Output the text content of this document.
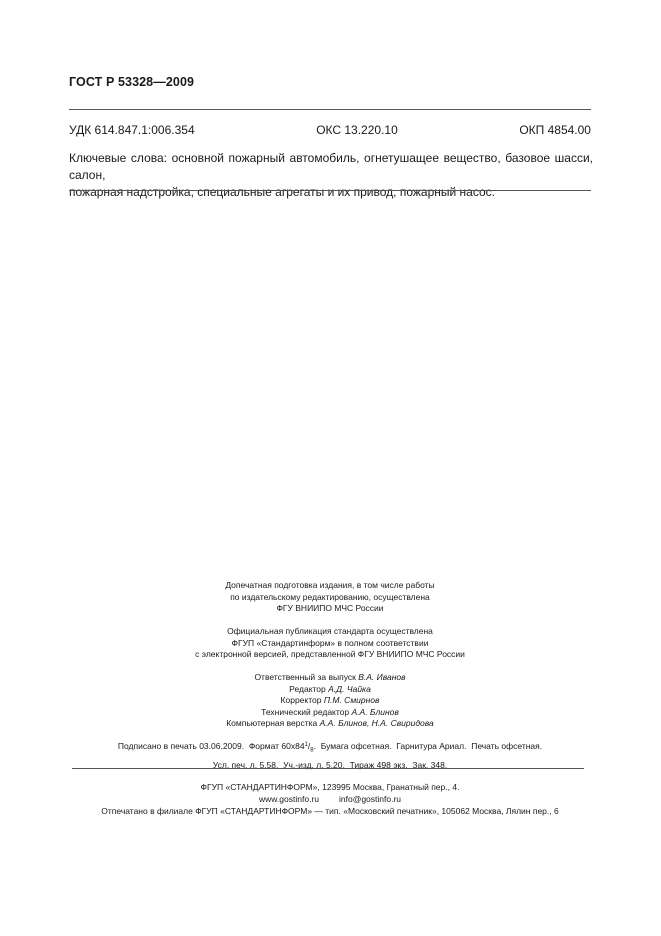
ГОСТ Р 53328—2009
УДК 614.847.1:006.354	ОКС 13.220.10	ОКП 4854.00
Ключевые слова: основной пожарный автомобиль, огнетушащее вещество, базовое шасси, салон,
пожарная надстройка, специальные агрегаты и их привод, пожарный насос.
Допечатная подготовка издания, в том числе работы
по издательскому редактированию, осуществлена
ФГУ ВНИИПО МЧС России
Официальная публикация стандарта осуществлена
ФГУП «Стандартинформ» в полном соответствии
с электронной версией, представленной ФГУ ВНИИПО МЧС России
Ответственный за выпуск В.А. Иванов
Редактор А.Д. Чайка
Корректор П.М. Смирнов
Технический редактор А.А. Блинов
Компьютерная верстка А.А. Блинов, Н.А. Свиридова
Подписано в печать 03.06.2009. Формат $60х84^1/_8$. Бумага офсетная. Гарнитура Ариал. Печать офсетная.
Усл. печ. л. 5,58. Уч.-изд. л. 5,20. Тираж 498 экз. Зак. 348.
ФГУП «СТАНДАРТИНФОРМ», 123995 Москва, Гранатный пер., 4.
www.gostinfo.ru info@gostinfo.ru
Отпечатано в филиале ФГУП «СТАНДАРТИНФОРМ» — тип. «Московский печатник», 105062 Москва, Лялин пер., 6
